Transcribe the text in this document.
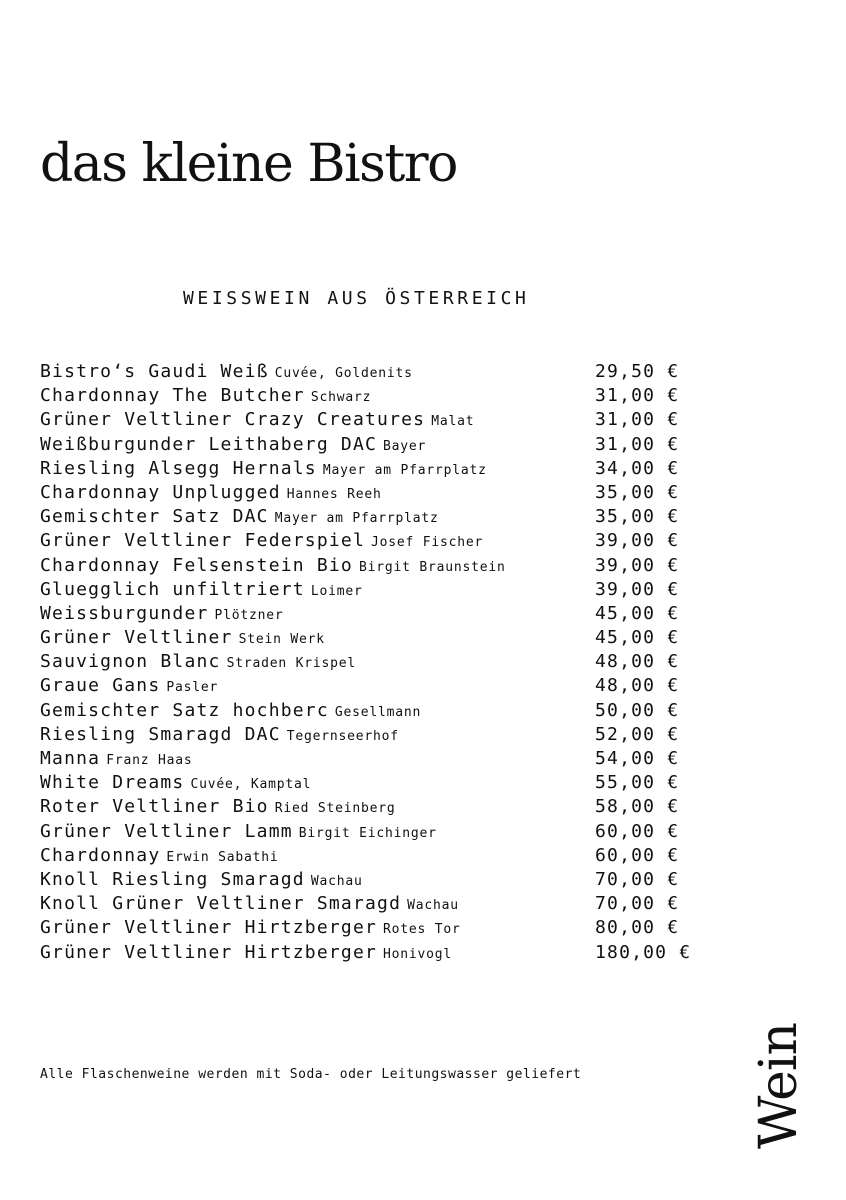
das kleine Bistro
WEISSWEIN AUS ÖSTERREICH
Bistro‘s Gaudi Weiß Cuvée, Goldenits	29,50 €
Chardonnay The Butcher Schwarz	31,00 €
Grüner Veltliner Crazy Creatures Malat	31,00 €
Weißburgunder Leithaberg DAC Bayer	31,00 €
Riesling Alsegg Hernals Mayer am Pfarrplatz	34,00 €
Chardonnay Unplugged Hannes Reeh	35,00 €
Gemischter Satz DAC Mayer am Pfarrplatz	35,00 €
Grüner Veltliner Federspiel Josef Fischer	39,00 €
Chardonnay Felsenstein Bio Birgit Braunstein	39,00 €
Gluegglich unfiltriert Loimer	39,00 €
Weissburgunder Plötzner	45,00 €
Grüner Veltliner Stein Werk	45,00 €
Sauvignon Blanc Straden Krispel	48,00 €
Graue Gans Pasler	48,00 €
Gemischter Satz hochberc Gesellmann	50,00 €
Riesling Smaragd DAC Tegernseerhof	52,00 €
Manna Franz Haas	54,00 €
White Dreams Cuvée, Kamptal	55,00 €
Roter Veltliner Bio Ried Steinberg	58,00 €
Grüner Veltliner Lamm Birgit Eichinger	60,00 €
Chardonnay Erwin Sabathi	60,00 €
Knoll Riesling Smaragd Wachau	70,00 €
Knoll Grüner Veltliner Smaragd Wachau	70,00 €
Grüner Veltliner Hirtzberger Rotes Tor	80,00 €
Grüner Veltliner Hirtzberger Honivogl	180,00 €
Alle Flaschenweine werden mit Soda- oder Leitungswasser geliefert	Wein
